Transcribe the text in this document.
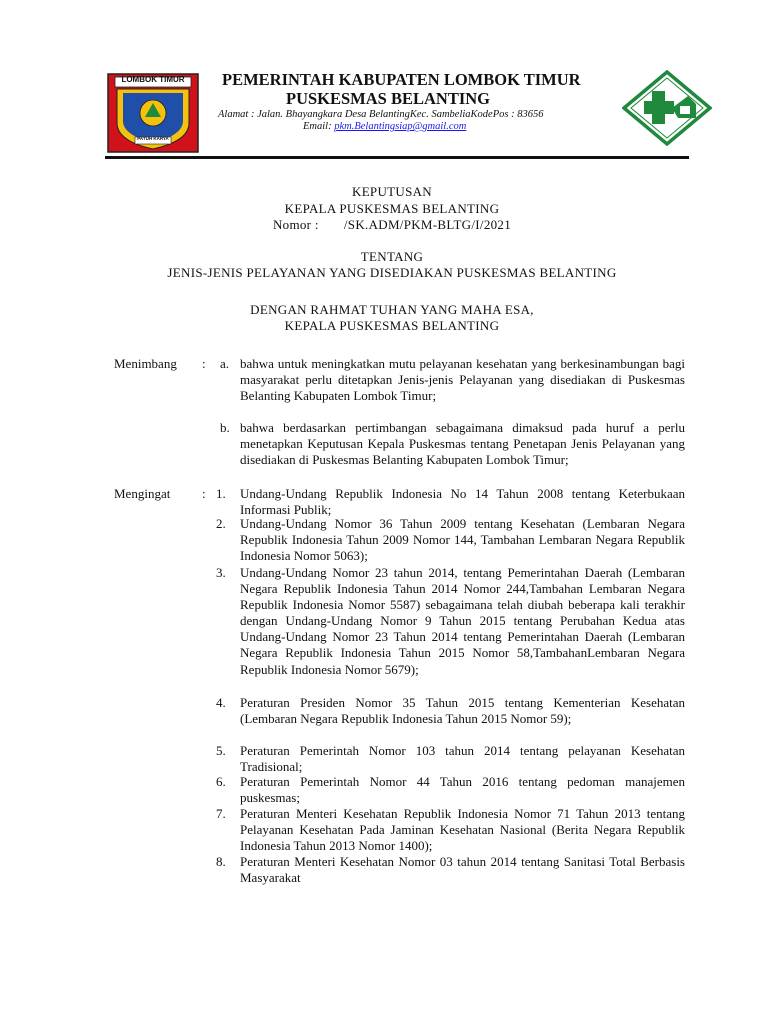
LOMBOK TIMUR
PATUH KARYA
PEMERINTAH KABUPATEN LOMBOK TIMUR
PUSKESMAS BELANTING
Alamat : Jalan. Bhayangkara Desa BelantingKec. SambeliaKodePos : 83656
Email: pkm.Belantingsiap@gmail.com
KEPUTUSAN
KEPALA PUSKESMAS BELANTING
Nomor : /SK.ADM/PKM-BLTG/I/2021
TENTANG
JENIS-JENIS PELAYANAN YANG DISEDIAKAN PUSKESMAS BELANTING
DENGAN RAHMAT TUHAN YANG MAHA ESA,
KEPALA PUSKESMAS BELANTING
Menimbang : a. bahwa untuk meningkatkan mutu pelayanan kesehatan yang berkesinambungan bagi masyarakat perlu ditetapkan Jenis-jenis Pelayanan yang disediakan di Puskesmas Belanting Kabupaten Lombok Timur;
b. bahwa berdasarkan pertimbangan sebagaimana dimaksud pada huruf a perlu menetapkan Keputusan Kepala Puskesmas tentang Penetapan Jenis Pelayanan yang disediakan di Puskesmas Belanting Kabupaten Lombok Timur;
Mengingat : 1. Undang-Undang Republik Indonesia No 14 Tahun 2008 tentang Keterbukaan Informasi Publik;
2. Undang-Undang Nomor 36 Tahun 2009 tentang Kesehatan (Lembaran Negara Republik Indonesia Tahun 2009 Nomor 144, Tambahan Lembaran Negara Republik Indonesia Nomor 5063);
3. Undang-Undang Nomor 23 tahun 2014, tentang Pemerintahan Daerah (Lembaran Negara Republik Indonesia Tahun 2014 Nomor 244,Tambahan Lembaran Negara Republik Indonesia Nomor 5587) sebagaimana telah diubah beberapa kali terakhir dengan Undang-Undang Nomor 9 Tahun 2015 tentang Perubahan Kedua atas Undang-Undang Nomor 23 Tahun 2014 tentang Pemerintahan Daerah (Lembaran Negara Republik Indonesia Tahun 2015 Nomor 58,TambahanLembaran Negara Republik Indonesia Nomor 5679);
4. Peraturan Presiden Nomor 35 Tahun 2015 tentang Kementerian Kesehatan (Lembaran Negara Republik Indonesia Tahun 2015 Nomor 59);
5. Peraturan Pemerintah Nomor 103 tahun 2014 tentang pelayanan Kesehatan Tradisional;
6. Peraturan Pemerintah Nomor 44 Tahun 2016 tentang pedoman manajemen puskesmas;
7. Peraturan Menteri Kesehatan Republik Indonesia Nomor 71 Tahun 2013 tentang Pelayanan Kesehatan Pada Jaminan Kesehatan Nasional (Berita Negara Republik Indonesia Tahun 2013 Nomor 1400);
8. Peraturan Menteri Kesehatan Nomor 03 tahun 2014 tentang Sanitasi Total Berbasis Masyarakat
